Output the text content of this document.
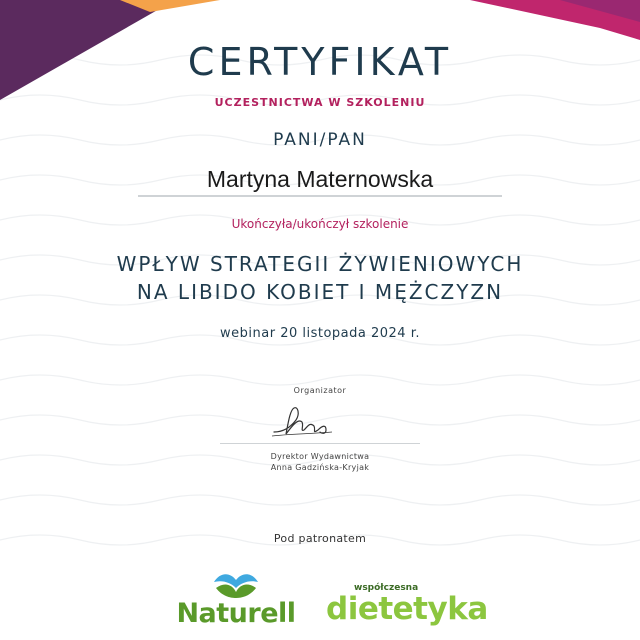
CERTYFIKAT
UCZESTNICTWA W SZKOLENIU
PANI/PAN
Martyna Maternowska
Ukończyła/ukończył szkolenie
WPŁYW STRATEGII ŻYWIENIOWYCH
NA LIBIDO KOBIET I MĘŻCZYZN
webinar 20 listopada 2024 r.
Organizator
Dyrektor Wydawnictwa
Anna Gadzińska-Kryjak
Pod patronatem
Naturell
współczesna
dietetyka
